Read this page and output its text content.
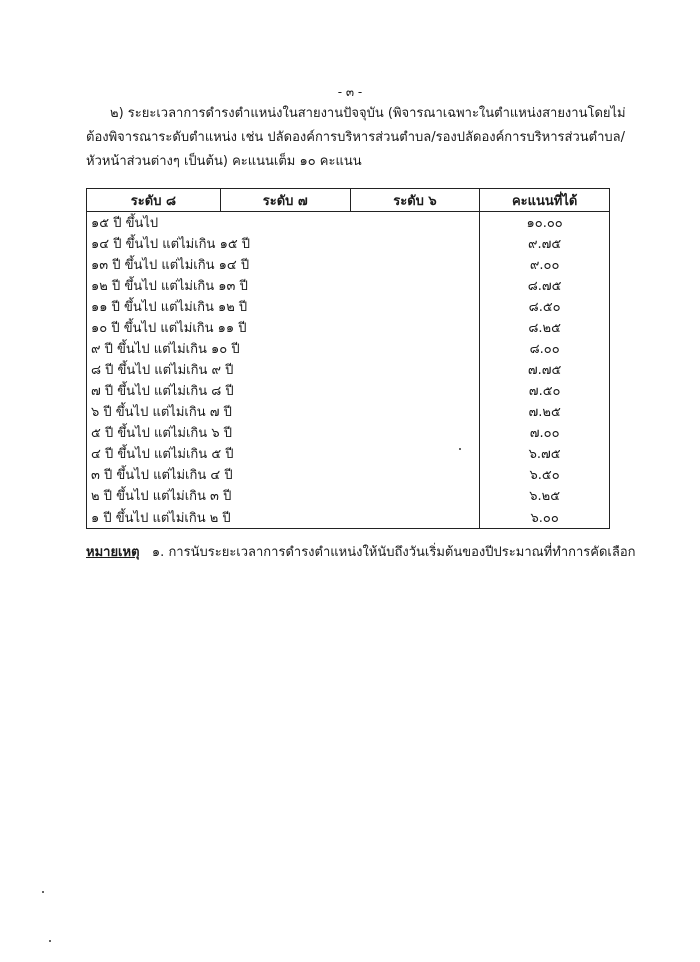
- ๓ -
๒) ระยะเวลาการดำรงตำแหน่งในสายงานปัจจุบัน (พิจารณาเฉพาะในตำแหน่งสายงานโดยไม่ต้องพิจารณาระดับตำแหน่ง เช่น ปลัดองค์การบริหารส่วนตำบล/รองปลัดองค์การบริหารส่วนตำบล/หัวหน้าส่วนต่างๆ เป็นต้น) คะแนนเต็ม ๑๐ คะแนน
ระดับ ๘	ระดับ ๗	ระดับ ๖	คะแนนที่ได้
๑๕ ปี ขึ้นไป			๑๐.๐๐
๑๔ ปี ขึ้นไป แต่ไม่เกิน ๑๕ ปี			๙.๗๕
๑๓ ปี ขึ้นไป แต่ไม่เกิน ๑๔ ปี			๙.๐๐
๑๒ ปี ขึ้นไป แต่ไม่เกิน ๑๓ ปี			๘.๗๕
๑๑ ปี ขึ้นไป แต่ไม่เกิน ๑๒ ปี			๘.๕๐
๑๐ ปี ขึ้นไป แต่ไม่เกิน ๑๑ ปี			๘.๒๕
๙ ปี ขึ้นไป แต่ไม่เกิน ๑๐ ปี			๘.๐๐
๘ ปี ขึ้นไป แต่ไม่เกิน ๙ ปี			๗.๗๕
๗ ปี ขึ้นไป แต่ไม่เกิน ๘ ปี			๗.๕๐
๖ ปี ขึ้นไป แต่ไม่เกิน ๗ ปี			๗.๒๕
๕ ปี ขึ้นไป แต่ไม่เกิน ๖ ปี			๗.๐๐
๔ ปี ขึ้นไป แต่ไม่เกิน ๕ ปี			๖.๗๕
๓ ปี ขึ้นไป แต่ไม่เกิน ๔ ปี			๖.๕๐
๒ ปี ขึ้นไป แต่ไม่เกิน ๓ ปี			๖.๒๕
๑ ปี ขึ้นไป แต่ไม่เกิน ๒ ปี			๖.๐๐
หมายเหตุ ๑. การนับระยะเวลาการดำรงตำแหน่งให้นับถึงวันเริ่มต้นของปีประมาณที่ทำการคัดเลือก
